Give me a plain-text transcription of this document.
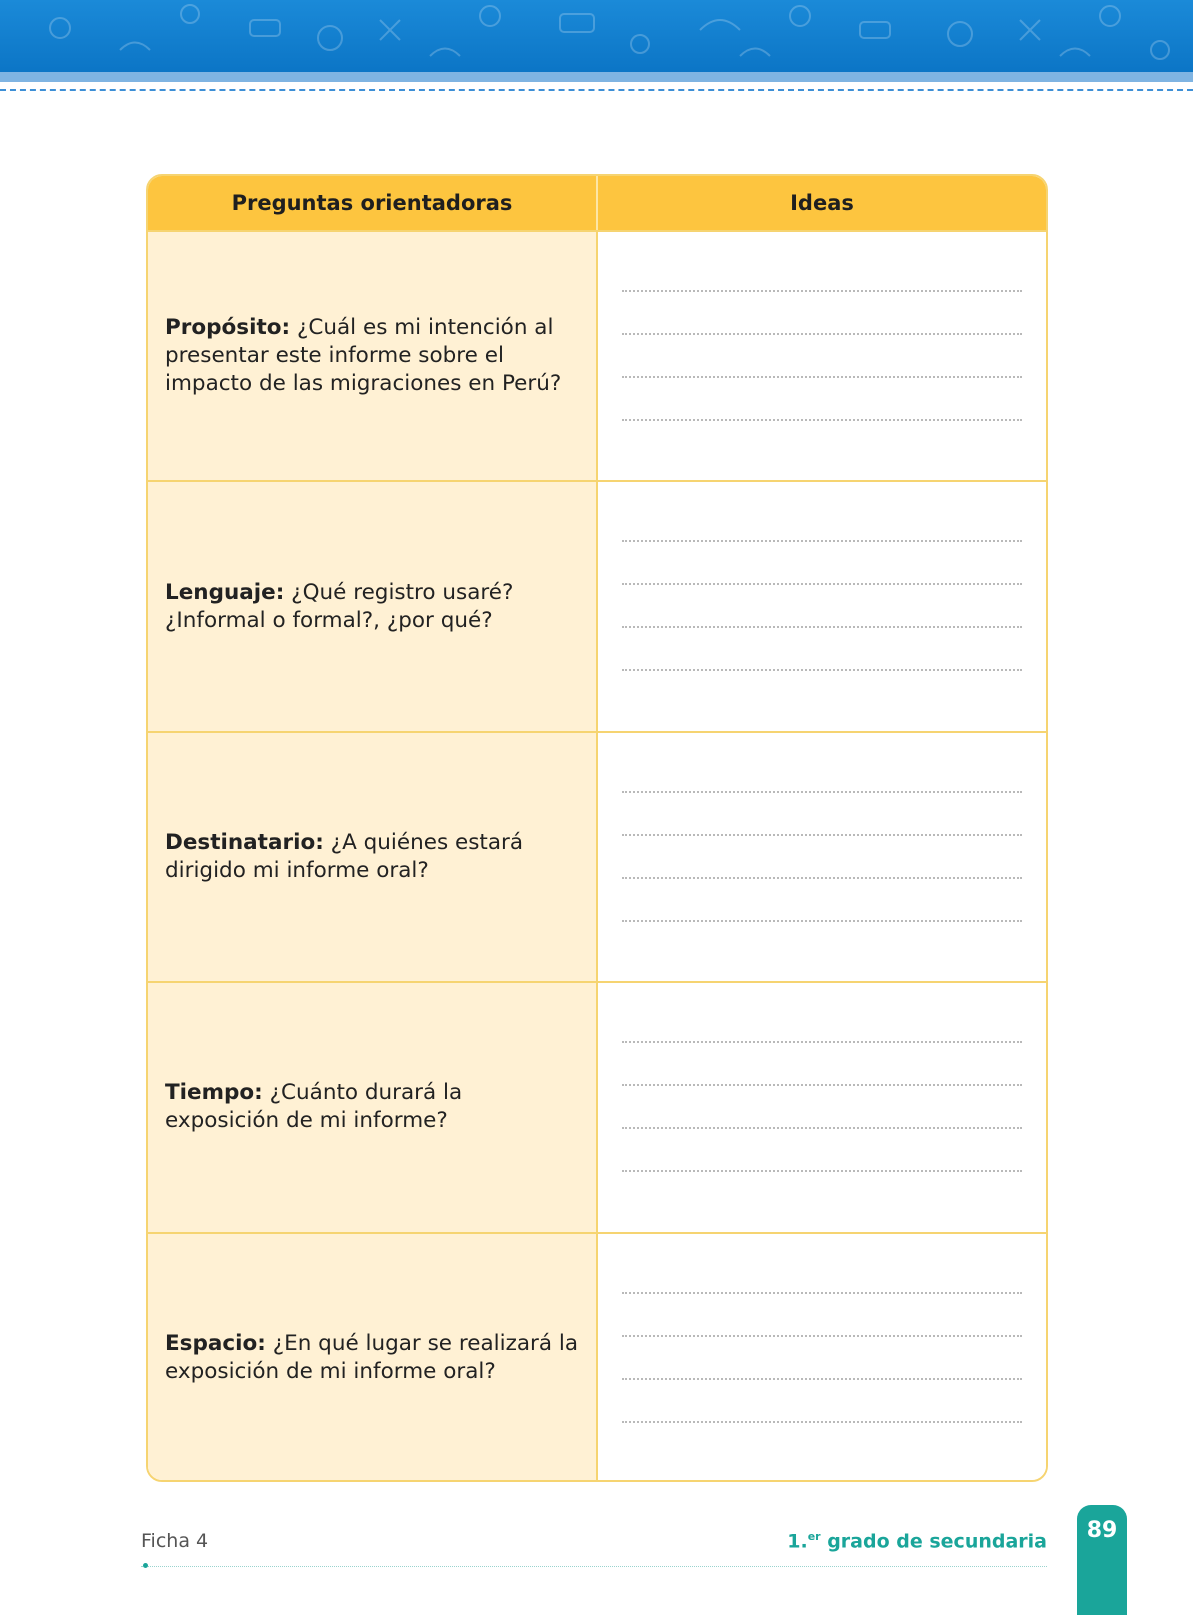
Preguntas orientadoras	Ideas
Propósito: ¿Cuál es mi intención al presentar este informe sobre el impacto de las migraciones en Perú?
Lenguaje: ¿Qué registro usaré? ¿Informal o formal?, ¿por qué?
Destinatario: ¿A quiénes estará dirigido mi informe oral?
Tiempo: ¿Cuánto durará la exposición de mi informe?
Espacio: ¿En qué lugar se realizará la exposición de mi informe oral?
Ficha 4	1.$^{er}$ grado de secundaria 89
